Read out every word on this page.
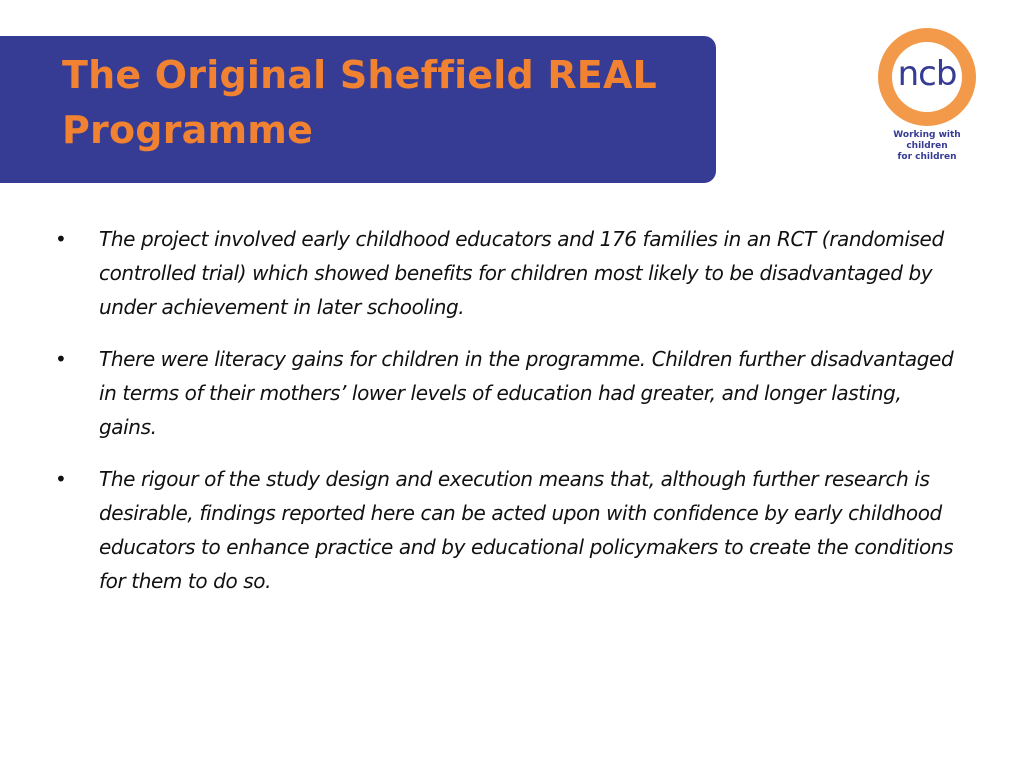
The Original Sheffield REAL
Programme
ncb
Working with children
for children
• The project involved early childhood educators and 176 families in an RCT (randomised controlled trial) which showed benefits for children most likely to be disadvantaged by under achievement in later schooling.
• There were literacy gains for children in the programme. Children further disadvantaged in terms of their mothers’ lower levels of education had greater, and longer lasting, gains.
• The rigour of the study design and execution means that, although further research is desirable, findings reported here can be acted upon with confidence by early childhood educators to enhance practice and by educational policymakers to create the conditions for them to do so.
